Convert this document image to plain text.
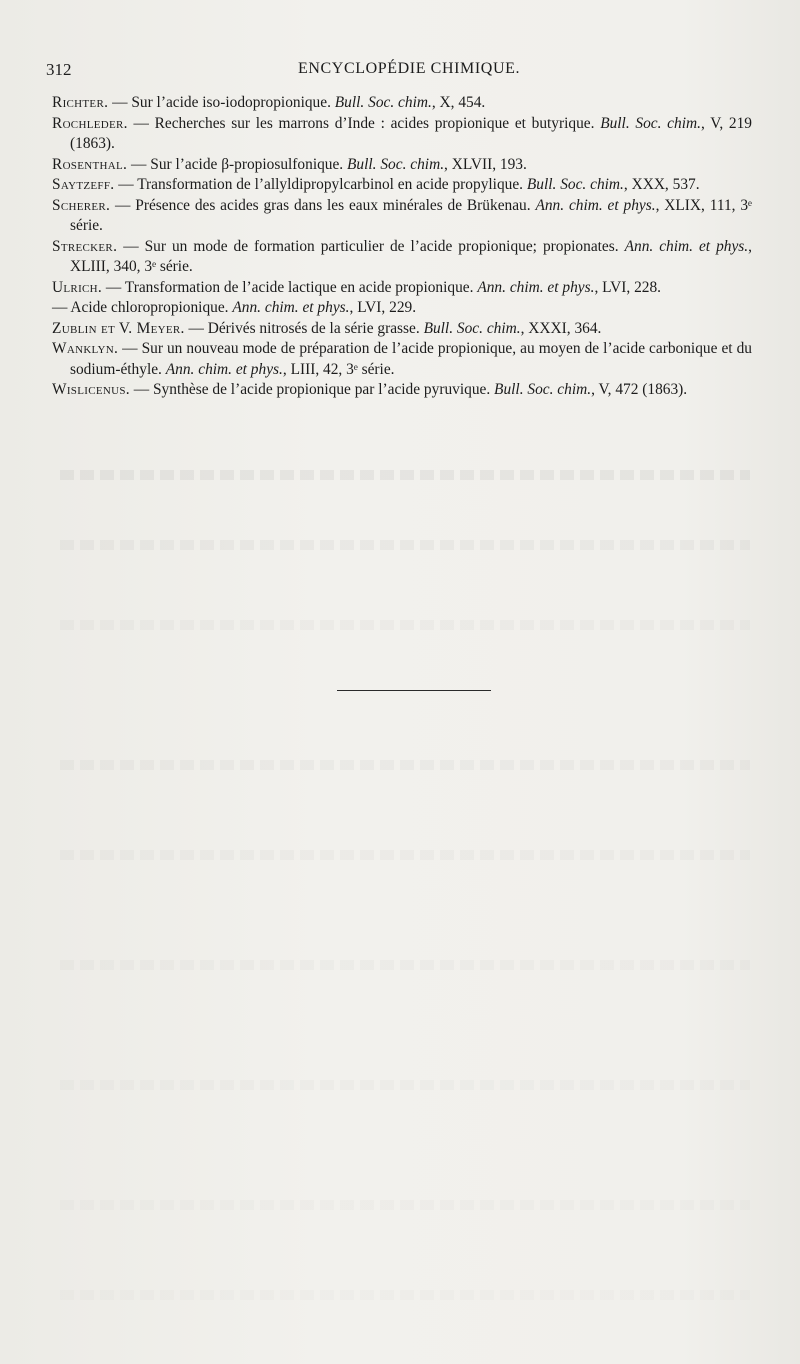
312	ENCYCLOPÉDIE CHIMIQUE.

Richter. — Sur l’acide iso-iodopropionique. Bull. Soc. chim., X, 454.

Rochleder. — Recherches sur les marrons d’Inde : acides propionique et butyrique. Bull. Soc. chim., V, 219 (1863).

Rosenthal. — Sur l’acide β-propiosulfonique. Bull. Soc. chim., XLVII, 193.

Saytzeff. — Transformation de l’allyldipropylcarbinol en acide propylique. Bull. Soc. chim., XXX, 537.

Scherer. — Présence des acides gras dans les eaux minérales de Brükenau. Ann. chim. et phys., XLIX, 111, 3ᵉ série.

Strecker. — Sur un mode de formation particulier de l’acide propionique; propionates. Ann. chim. et phys., XLIII, 340, 3ᵉ série.

Ulrich. — Transformation de l’acide lactique en acide propionique. Ann. chim. et phys., LVI, 228.

— Acide chloropropionique. Ann. chim. et phys., LVI, 229.

Zublin et V. Meyer. — Dérivés nitrosés de la série grasse. Bull. Soc. chim., XXXI, 364.

Wanklyn. — Sur un nouveau mode de préparation de l’acide propionique, au moyen de l’acide carbonique et du sodium-éthyle. Ann. chim. et phys., LIII, 42, 3ᵉ série.

Wislicenus. — Synthèse de l’acide propionique par l’acide pyruvique. Bull. Soc. chim., V, 472 (1863).
